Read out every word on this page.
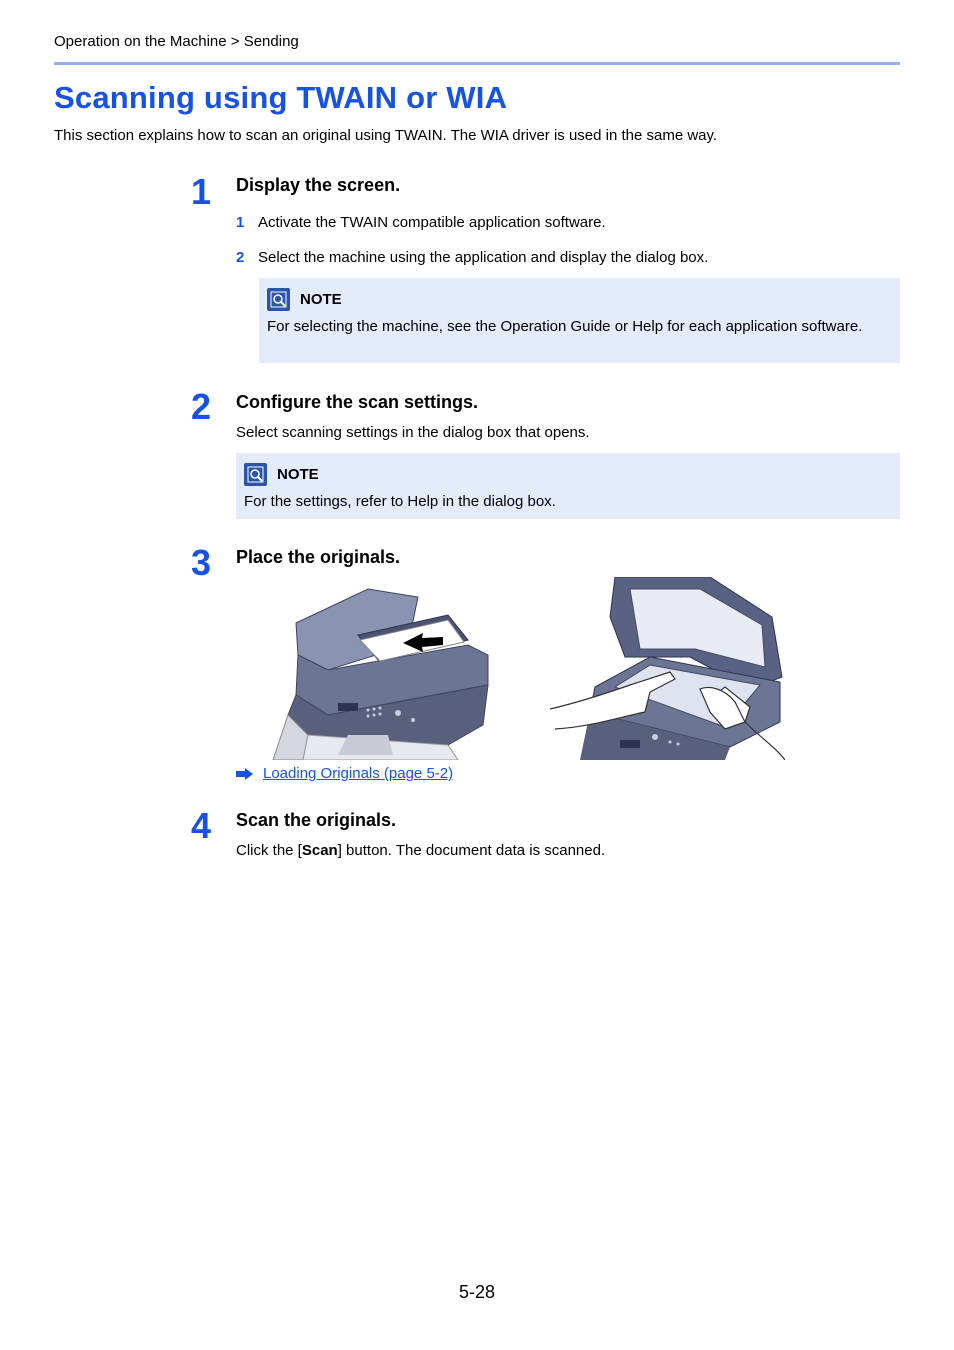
Operation on the Machine > Sending
Scanning using TWAIN or WIA
This section explains how to scan an original using TWAIN. The WIA driver is used in the same way.
1	Display the screen.
1 Activate the TWAIN compatible application software.
2 Select the machine using the application and display the dialog box.
NOTE
For selecting the machine, see the Operation Guide or Help for each application software.
2	Configure the scan settings.
Select scanning settings in the dialog box that opens.
NOTE
For the settings, refer to Help in the dialog box.
3	Place the originals.
Loading Originals (page 5-2)
4	Scan the originals.
Click the [Scan] button. The document data is scanned.
5-28
